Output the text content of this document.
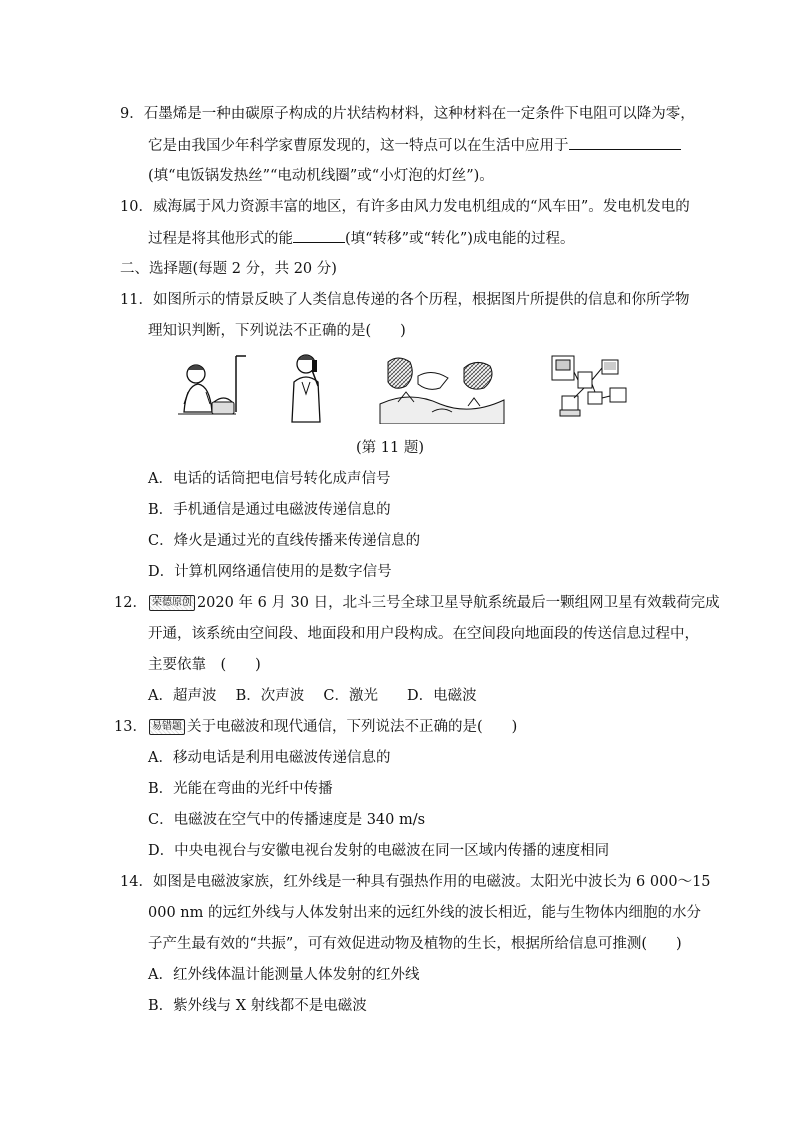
9．石墨烯是一种由碳原子构成的片状结构材料，这种材料在一定条件下电阻可以降为零，
它是由我国少年科学家曹原发现的，这一特点可以在生活中应用于
(填“电饭锅发热丝”“电动机线圈”或“小灯泡的灯丝”)。
10．威海属于风力资源丰富的地区，有许多由风力发电机组成的“风车田”。发电机发电的
过程是将其他形式的能	(填“转移”或“转化”)成电能的过程。
二、选择题(每题 2 分，共 20 分)
11．如图所示的情景反映了人类信息传递的各个历程，根据图片所提供的信息和你所学物
理知识判断，下列说法不正确的是(　　)
(第 11 题)
A．电话的话筒把电信号转化成声信号
B．手机通信是通过电磁波传递信息的
C．烽火是通过光的直线传播来传递信息的
D．计算机网络通信使用的是数字信号
12． 荣德原创 2020 年 6 月 30 日，北斗三号全球卫星导航系统最后一颗组网卫星有效载荷完成
开通，该系统由空间段、地面段和用户段构成。在空间段向地面段的传送信息过程中，
主要依靠　(　　)
A．超声波　 B．次声波　 C．激光　　D．电磁波
13． 易错题 关于电磁波和现代通信，下列说法不正确的是(　　)
A．移动电话是利用电磁波传递信息的
B．光能在弯曲的光纤中传播
C．电磁波在空气中的传播速度是 340 m/s
D．中央电视台与安徽电视台发射的电磁波在同一区域内传播的速度相同
14．如图是电磁波家族，红外线是一种具有强热作用的电磁波。太阳光中波长为 6 000～15
000 nm 的远红外线与人体发射出来的远红外线的波长相近，能与生物体内细胞的水分
子产生最有效的“共振”，可有效促进动物及植物的生长，根据所给信息可推测(　　)
A．红外线体温计能测量人体发射的红外线
B．紫外线与 X 射线都不是电磁波
